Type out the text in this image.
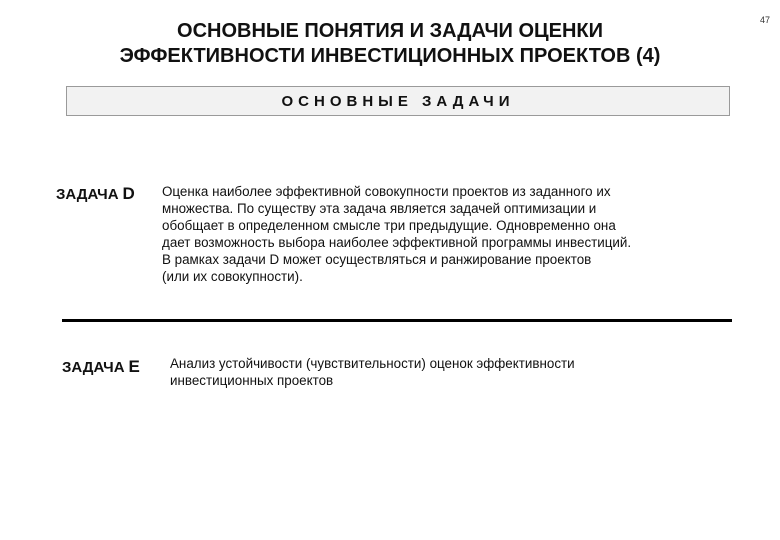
47
ОСНОВНЫЕ ПОНЯТИЯ И ЗАДАЧИ ОЦЕНКИ
ЭФФЕКТИВНОСТИ ИНВЕСТИЦИОННЫХ ПРОЕКТОВ (4)
ОСНОВНЫЕ ЗАДАЧИ
ЗАДАЧА D Оценка наиболее эффективной совокупности проектов из заданного их
множества. По существу эта задача является задачей оптимизации и
обобщает в определенном смысле три предыдущие. Одновременно она
дает возможность выбора наиболее эффективной программы инвестиций.
В рамках задачи D может осуществляться и ранжирование проектов
(или их совокупности).
ЗАДАЧА E Анализ устойчивости (чувствительности) оценок эффективности
инвестиционных проектов
